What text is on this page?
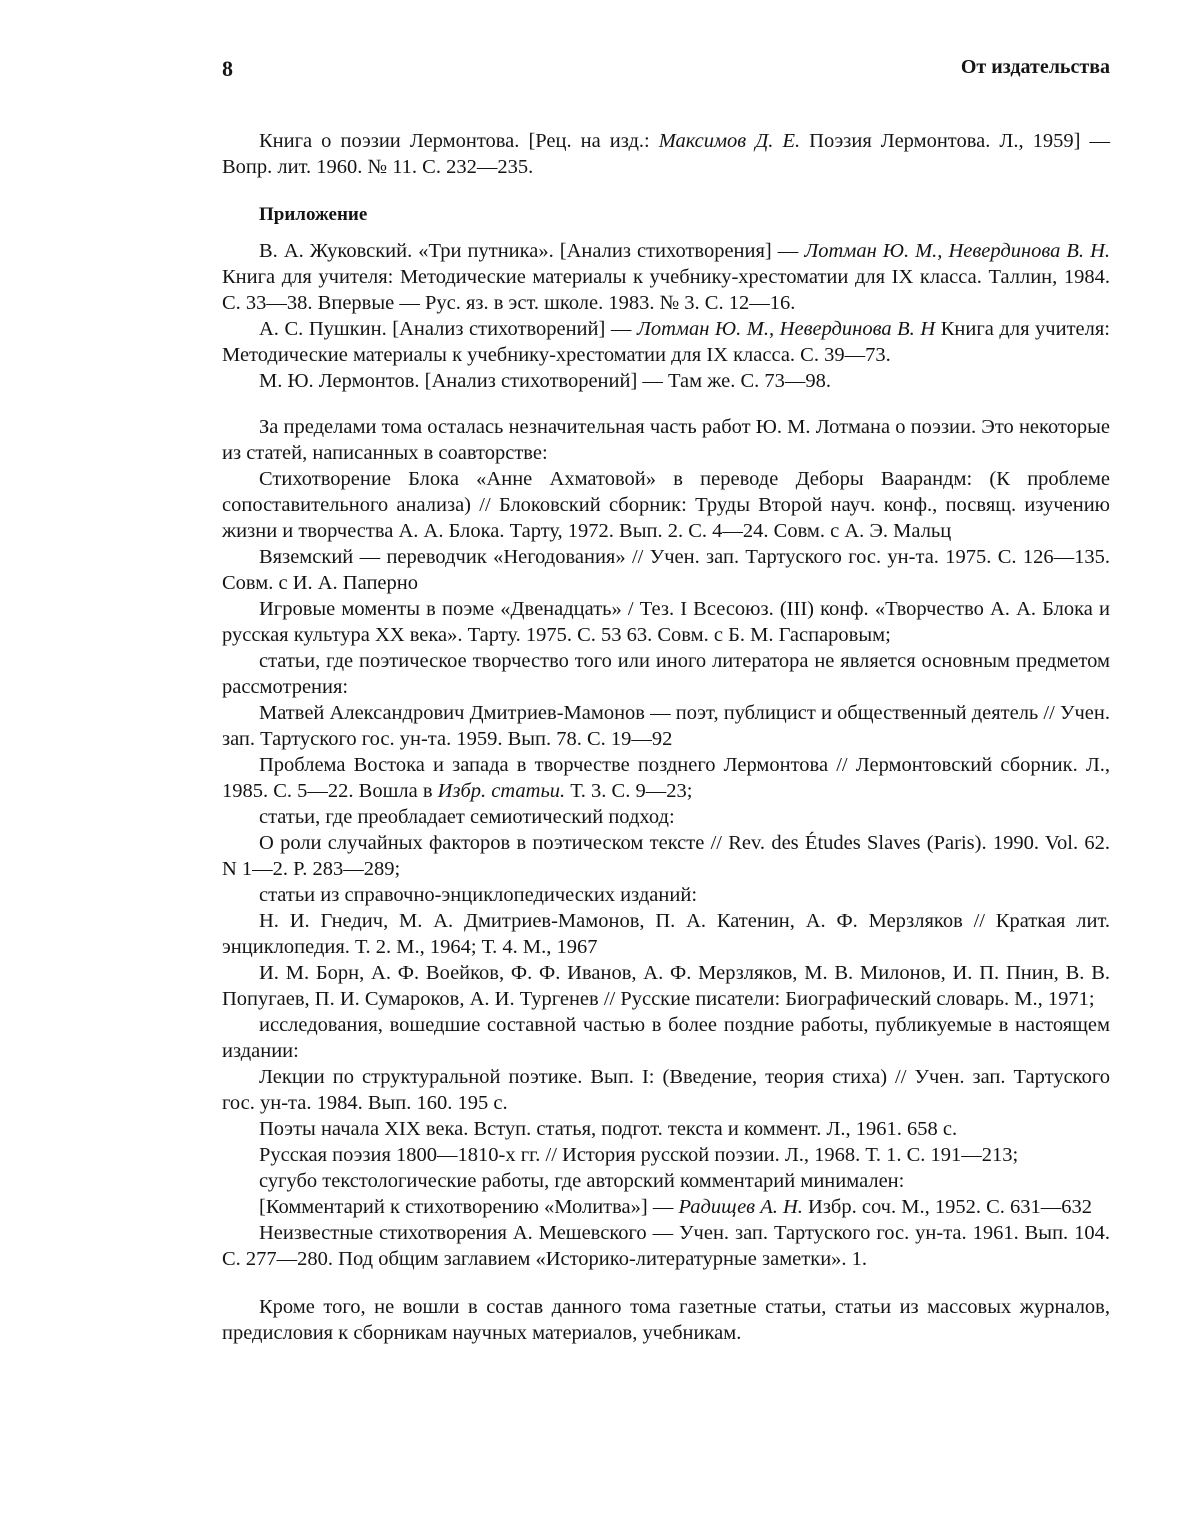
8	От издательства

Книга о поэзии Лермонтова. [Рец. на изд.: Максимов Д. Е. Поэзия Лермонтова. Л., 1959] — Вопр. лит. 1960. № 11. С. 232—235.

Приложение

В. А. Жуковский. «Три путника». [Анализ стихотворения] — Лотман Ю. М., Невердинова В. Н. Книга для учителя: Методические материалы к учебнику-хрестоматии для IX класса. Таллин, 1984. С. 33—38. Впервые — Рус. яз. в эст. школе. 1983. № 3. С. 12—16.

А. С. Пушкин. [Анализ стихотворений] — Лотман Ю. М., Невердинова В. Н Книга для учителя: Методические материалы к учебнику-хрестоматии для IX класса. С. 39—73.

М. Ю. Лермонтов. [Анализ стихотворений] — Там же. С. 73—98.

За пределами тома осталась незначительная часть работ Ю. М. Лотмана о поэзии. Это некоторые из статей, написанных в соавторстве:

Стихотворение Блока «Анне Ахматовой» в переводе Деборы Ваарандм: (К проблеме сопоставительного анализа) // Блоковский сборник: Труды Второй науч. конф., посвящ. изучению жизни и творчества А. А. Блока. Тарту, 1972. Вып. 2. С. 4—24. Совм. с А. Э. Мальц

Вяземский — переводчик «Негодования» // Учен. зап. Тартуского гос. ун-та. 1975. С. 126—135. Совм. с И. А. Паперно

Игровые моменты в поэме «Двенадцать» / Тез. I Всесоюз. (III) конф. «Творчество А. А. Блока и русская культура XX века». Тарту. 1975. С. 53 63. Совм. с Б. М. Гаспаровым;

статьи, где поэтическое творчество того или иного литератора не является основным предметом рассмотрения:

Матвей Александрович Дмитриев-Мамонов — поэт, публицист и общественный деятель // Учен. зап. Тартуского гос. ун-та. 1959. Вып. 78. С. 19—92

Проблема Востока и запада в творчестве позднего Лермонтова // Лермонтовский сборник. Л., 1985. С. 5—22. Вошла в Избр. статьи. Т. 3. С. 9—23;

статьи, где преобладает семиотический подход:

О роли случайных факторов в поэтическом тексте // Rev. des Études Slaves (Paris). 1990. Vol. 62. N 1—2. P. 283—289;

статьи из справочно-энциклопедических изданий:

Н. И. Гнедич, М. А. Дмитриев-Мамонов, П. А. Катенин, А. Ф. Мерзляков // Краткая лит. энциклопедия. Т. 2. М., 1964; Т. 4. М., 1967

И. М. Борн, А. Ф. Воейков, Ф. Ф. Иванов, А. Ф. Мерзляков, М. В. Милонов, И. П. Пнин, В. В. Попугаев, П. И. Сумароков, А. И. Тургенев // Русские писатели: Биографический словарь. М., 1971;

исследования, вошедшие составной частью в более поздние работы, публикуемые в настоящем издании:

Лекции по структуральной поэтике. Вып. I: (Введение, теория стиха) // Учен. зап. Тартуского гос. ун-та. 1984. Вып. 160. 195 с.

Поэты начала XIX века. Вступ. статья, подгот. текста и коммент. Л., 1961. 658 с.

Русская поэзия 1800—1810-х гг. // История русской поэзии. Л., 1968. Т. 1. С. 191—213;

сугубо текстологические работы, где авторский комментарий минимален:

[Комментарий к стихотворению «Молитва»] — Радищев А. Н. Избр. соч. М., 1952. С. 631—632

Неизвестные стихотворения А. Мешевского — Учен. зап. Тартуского гос. ун-та. 1961. Вып. 104. С. 277—280. Под общим заглавием «Историко-литературные заметки». 1.

Кроме того, не вошли в состав данного тома газетные статьи, статьи из массовых журналов, предисловия к сборникам научных материалов, учебникам.
